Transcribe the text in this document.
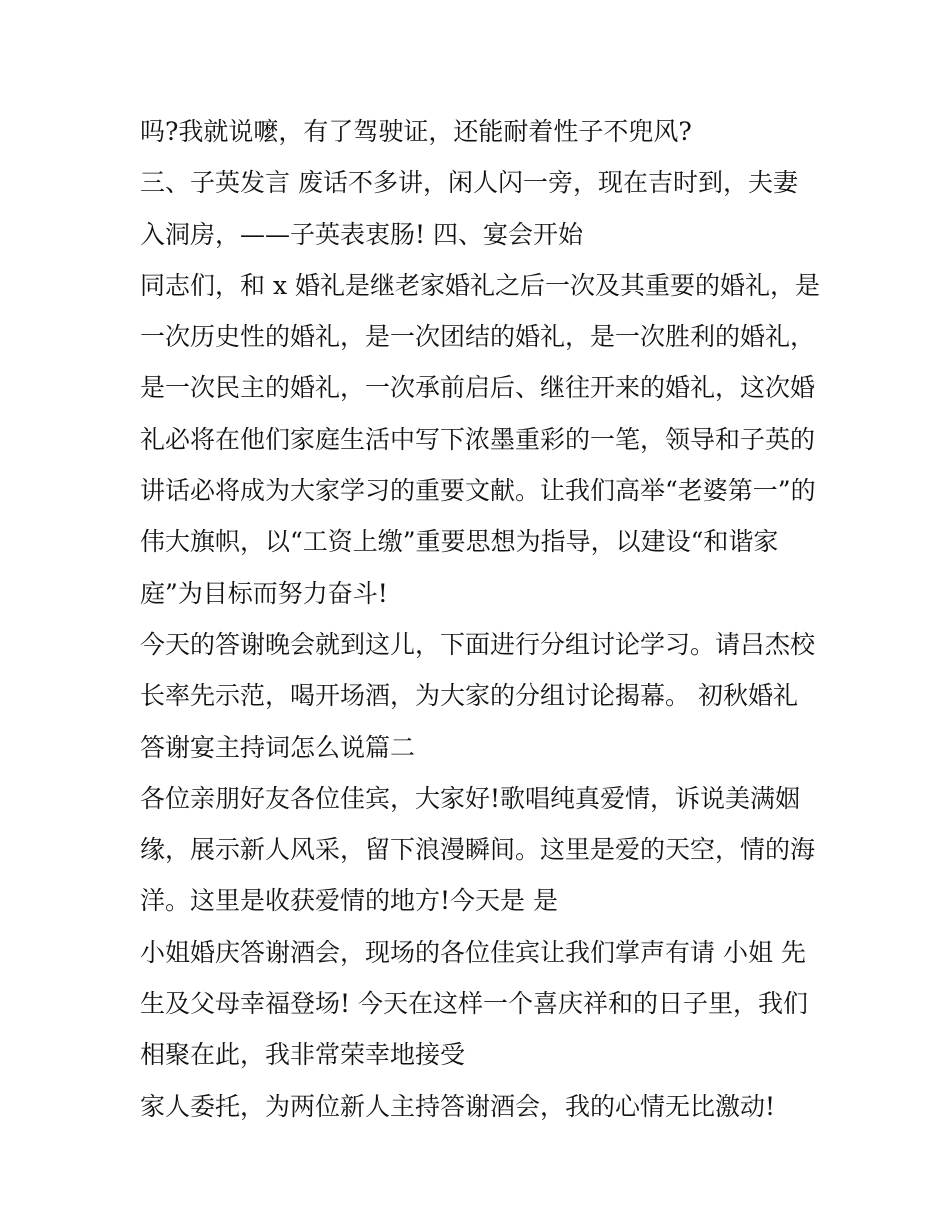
吗?我就说嚒，有了驾驶证，还能耐着性子不兜风?
三、子英发言 废话不多讲，闲人闪一旁，现在吉时到，夫妻
入洞房，——子英表衷肠! 四、宴会开始
同志们，和 x 婚礼是继老家婚礼之后一次及其重要的婚礼，是
一次历史性的婚礼，是一次团结的婚礼，是一次胜利的婚礼，
是一次民主的婚礼，一次承前启后、继往开来的婚礼，这次婚
礼必将在他们家庭生活中写下浓墨重彩的一笔，领导和子英的
讲话必将成为大家学习的重要文献。让我们高举“老婆第一”的
伟大旗帜，以“工资上缴”重要思想为指导，以建设“和谐家
庭”为目标而努力奋斗!
今天的答谢晚会就到这儿，下面进行分组讨论学习。请吕杰校
长率先示范，喝开场酒，为大家的分组讨论揭幕。 初秋婚礼
答谢宴主持词怎么说篇二
各位亲朋好友各位佳宾，大家好!歌唱纯真爱情，诉说美满姻
缘，展示新人风采，留下浪漫瞬间。这里是爱的天空，情的海
洋。这里是收获爱情的地方!今天是 是
小姐婚庆答谢酒会，现场的各位佳宾让我们掌声有请 小姐 先
生及父母幸福登场! 今天在这样一个喜庆祥和的日子里，我们
相聚在此，我非常荣幸地接受
家人委托，为两位新人主持答谢酒会，我的心情无比激动!
